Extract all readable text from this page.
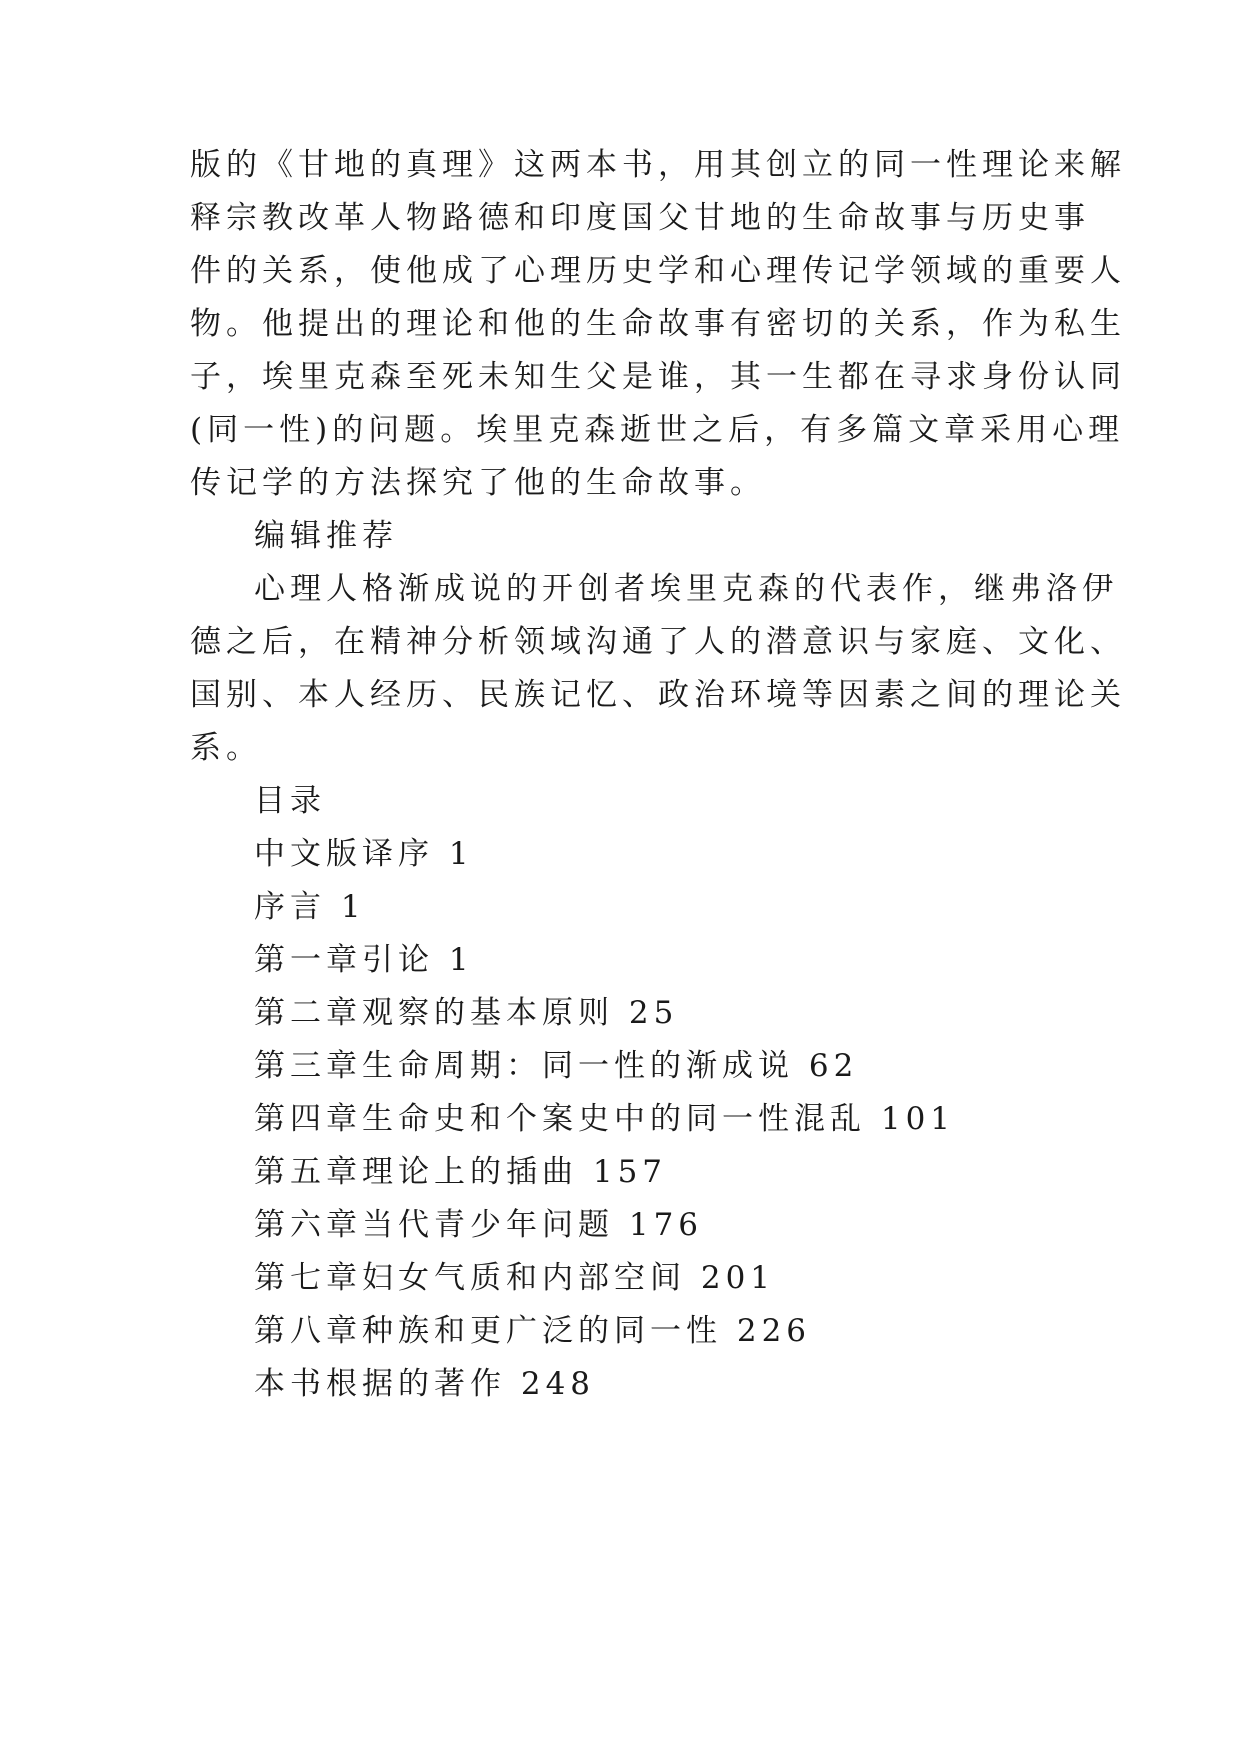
版的《甘地的真理》这两本书，用其创立的同一性理论来解
释宗教改革人物路德和印度国父甘地的生命故事与历史事
件的关系，使他成了心理历史学和心理传记学领域的重要人
物。他提出的理论和他的生命故事有密切的关系，作为私生
子，埃里克森至死未知生父是谁，其一生都在寻求身份认同
(同一性)的问题。埃里克森逝世之后，有多篇文章采用心理
传记学的方法探究了他的生命故事。
编辑推荐
心理人格渐成说的开创者埃里克森的代表作，继弗洛伊
德之后，在精神分析领域沟通了人的潜意识与家庭、文化、
国别、本人经历、民族记忆、政治环境等因素之间的理论关
系。
目录
中文版译序 1
序言 1
第一章引论 1
第二章观察的基本原则 25
第三章生命周期：同一性的渐成说 62
第四章生命史和个案史中的同一性混乱 101
第五章理论上的插曲 157
第六章当代青少年问题 176
第七章妇女气质和内部空间 201
第八章种族和更广泛的同一性 226
本书根据的著作 248
